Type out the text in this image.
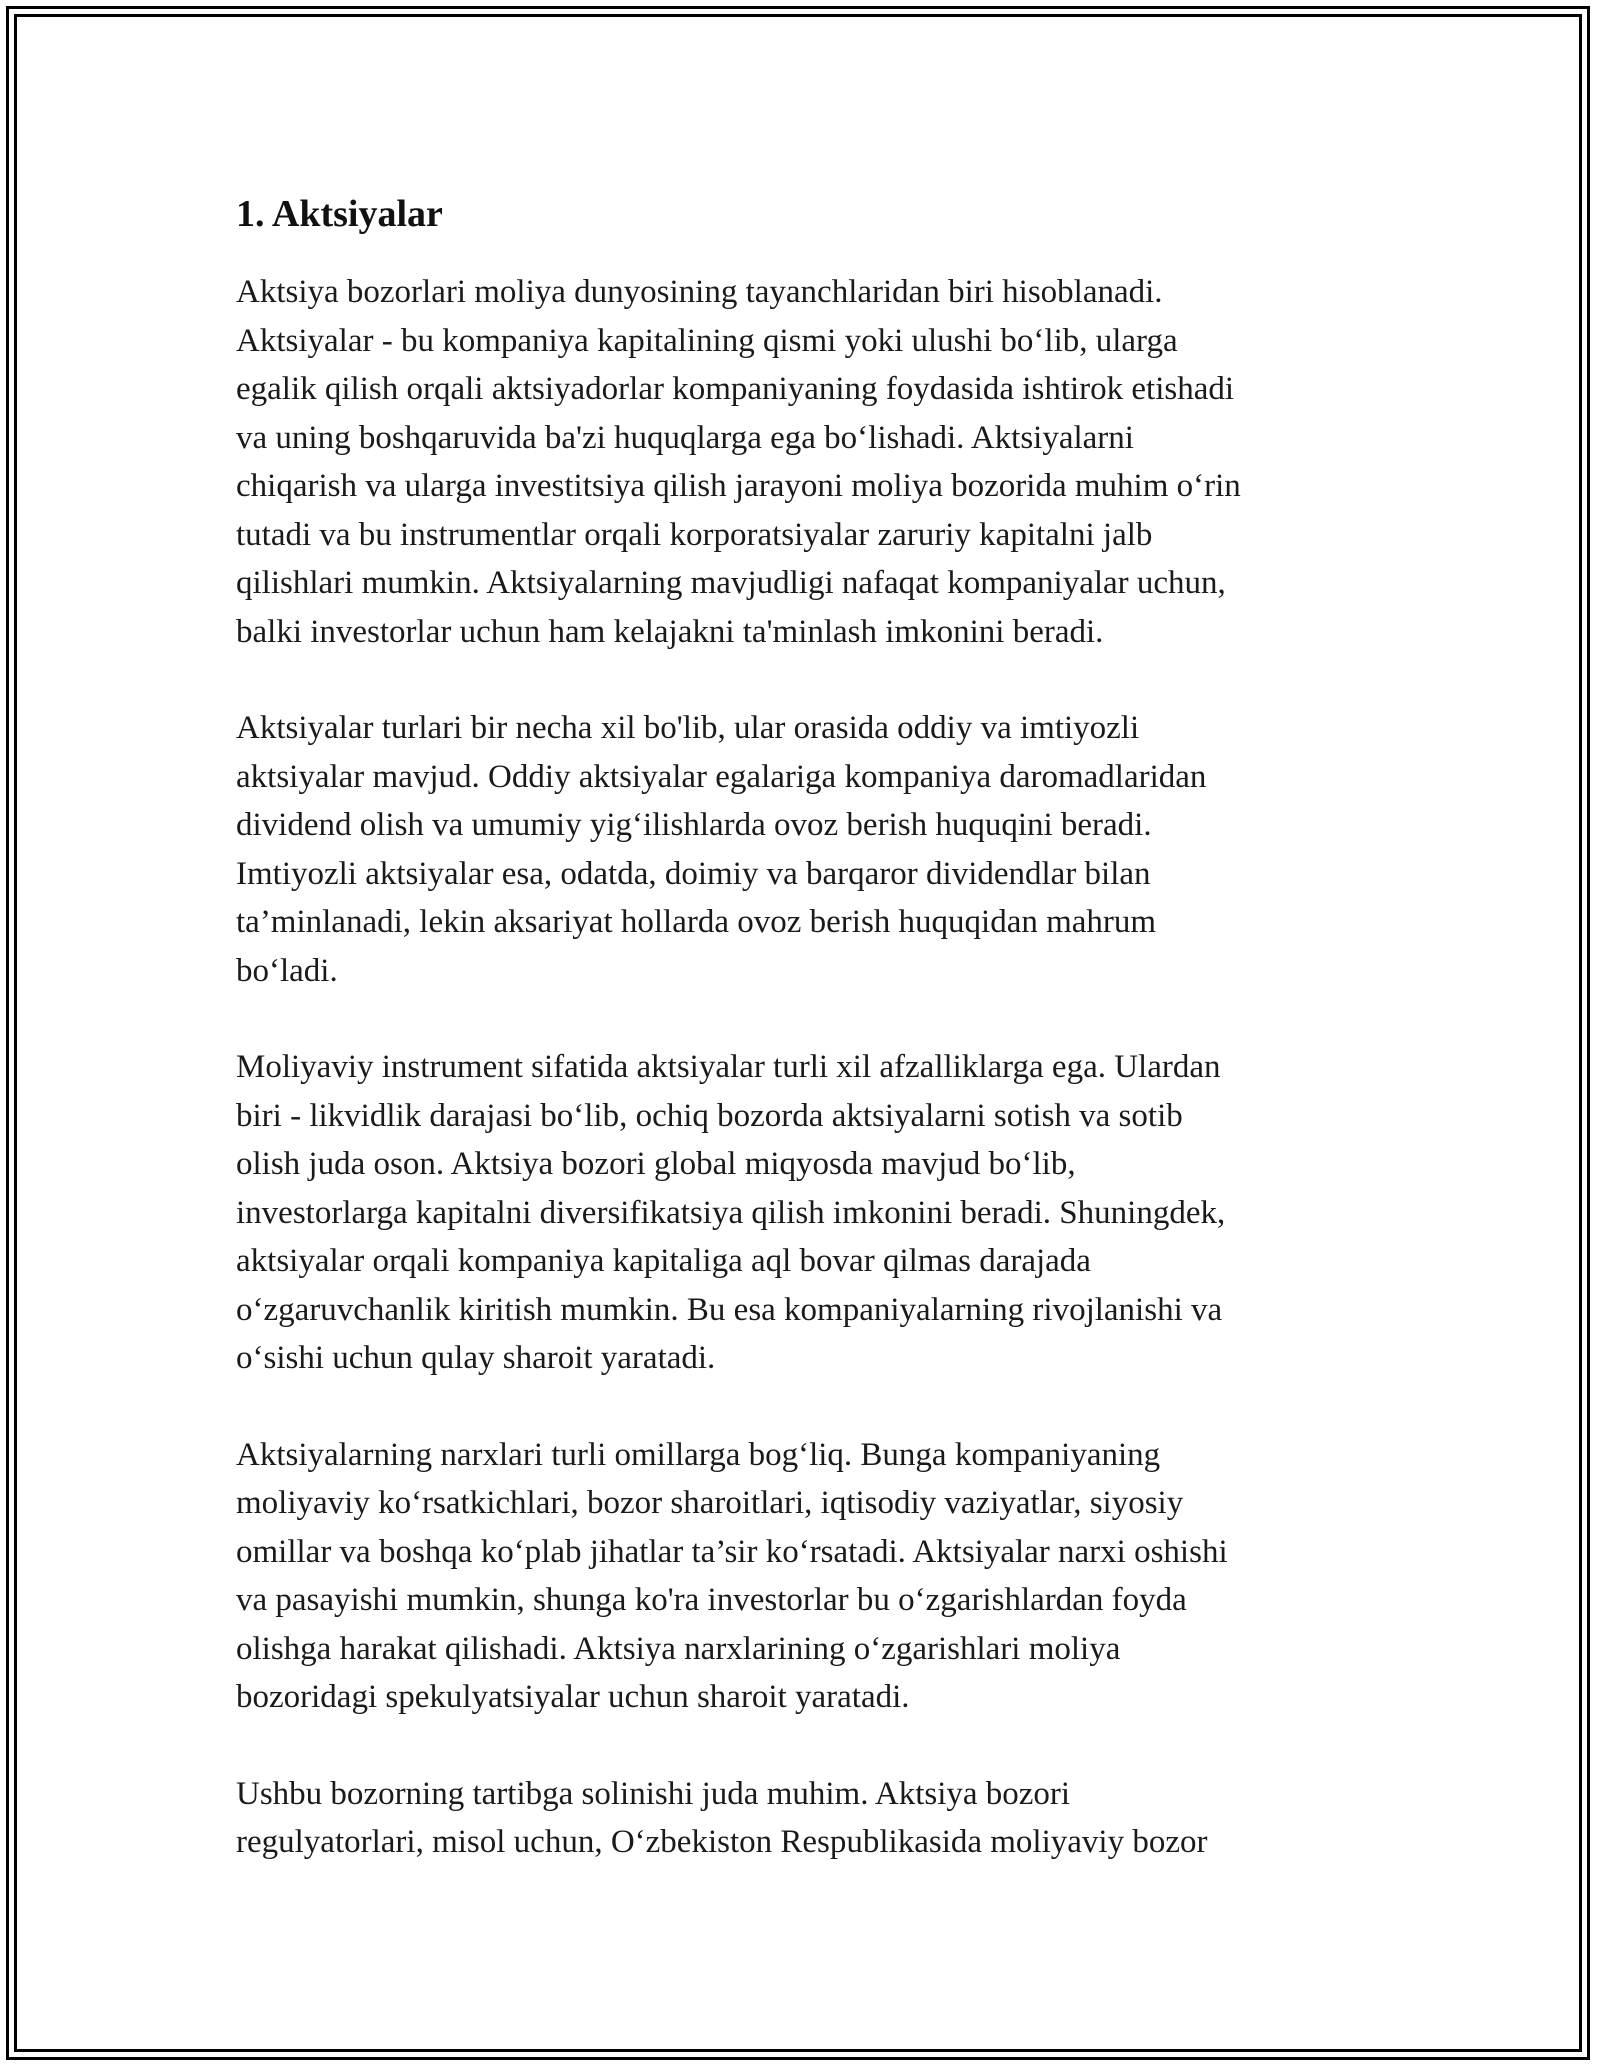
1. Aktsiyalar

Aktsiya bozorlari moliya dunyosining tayanchlaridan biri hisoblanadi.
Aktsiyalar - bu kompaniya kapitalining qismi yoki ulushi bo‘lib, ularga
egalik qilish orqali aktsiyadorlar kompaniyaning foydasida ishtirok etishadi
va uning boshqaruvida ba'zi huquqlarga ega bo‘lishadi. Aktsiyalarni
chiqarish va ularga investitsiya qilish jarayoni moliya bozorida muhim o‘rin
tutadi va bu instrumentlar orqali korporatsiyalar zaruriy kapitalni jalb
qilishlari mumkin. Aktsiyalarning mavjudligi nafaqat kompaniyalar uchun,
balki investorlar uchun ham kelajakni ta'minlash imkonini beradi.

Aktsiyalar turlari bir necha xil bo'lib, ular orasida oddiy va imtiyozli
aktsiyalar mavjud. Oddiy aktsiyalar egalariga kompaniya daromadlaridan
dividend olish va umumiy yig‘ilishlarda ovoz berish huquqini beradi.
Imtiyozli aktsiyalar esa, odatda, doimiy va barqaror dividendlar bilan
ta’minlanadi, lekin aksariyat hollarda ovoz berish huquqidan mahrum
bo‘ladi.

Moliyaviy instrument sifatida aktsiyalar turli xil afzalliklarga ega. Ulardan
biri - likvidlik darajasi bo‘lib, ochiq bozorda aktsiyalarni sotish va sotib
olish juda oson. Aktsiya bozori global miqyosda mavjud bo‘lib,
investorlarga kapitalni diversifikatsiya qilish imkonini beradi. Shuningdek,
aktsiyalar orqali kompaniya kapitaliga aql bovar qilmas darajada
o‘zgaruvchanlik kiritish mumkin. Bu esa kompaniyalarning rivojlanishi va
o‘sishi uchun qulay sharoit yaratadi.

Aktsiyalarning narxlari turli omillarga bog‘liq. Bunga kompaniyaning
moliyaviy ko‘rsatkichlari, bozor sharoitlari, iqtisodiy vaziyatlar, siyosiy
omillar va boshqa ko‘plab jihatlar ta’sir ko‘rsatadi. Aktsiyalar narxi oshishi
va pasayishi mumkin, shunga ko'ra investorlar bu o‘zgarishlardan foyda
olishga harakat qilishadi. Aktsiya narxlarining o‘zgarishlari moliya
bozoridagi spekulyatsiyalar uchun sharoit yaratadi.

Ushbu bozorning tartibga solinishi juda muhim. Aktsiya bozori
regulyatorlari, misol uchun, O‘zbekiston Respublikasida moliyaviy bozor
